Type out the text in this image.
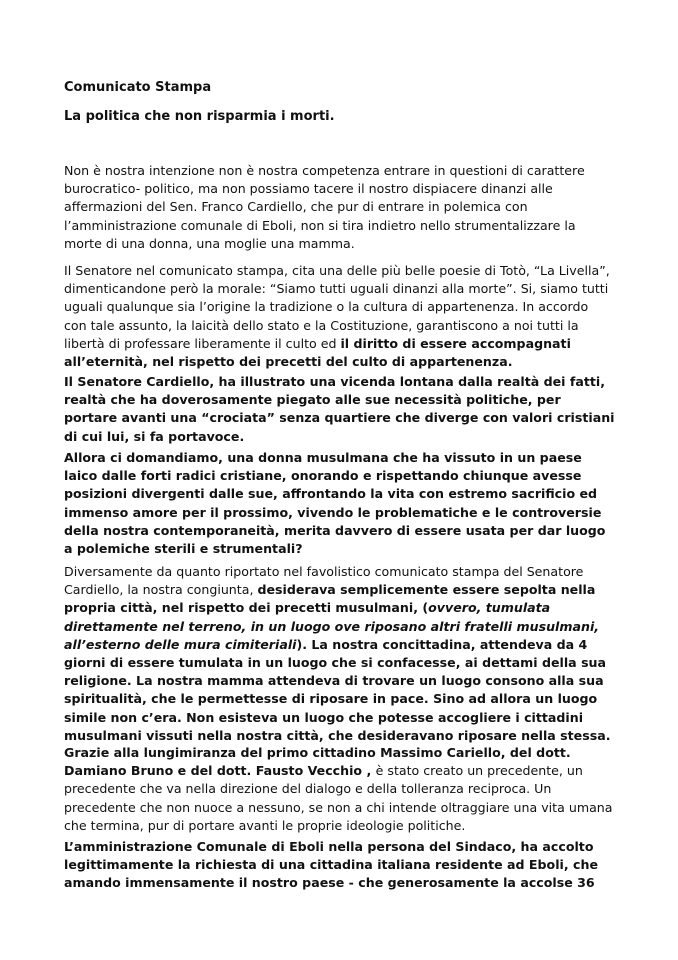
Comunicato Stampa
La politica che non risparmia i morti.
Non è nostra intenzione non è nostra competenza entrare in questioni di carattere
burocratico- politico, ma non possiamo tacere il nostro dispiacere dinanzi alle
affermazioni del Sen. Franco Cardiello, che pur di entrare in polemica con
l’amministrazione comunale di Eboli, non si tira indietro nello strumentalizzare la
morte di una donna, una moglie una mamma.
Il Senatore nel comunicato stampa, cita una delle più belle poesie di Totò, “La Livella”,
dimenticandone però la morale: “Siamo tutti uguali dinanzi alla morte”. Si, siamo tutti
uguali qualunque sia l’origine la tradizione o la cultura di appartenenza. In accordo
con tale assunto, la laicità dello stato e la Costituzione, garantiscono a noi tutti la
libertà di professare liberamente il culto ed il diritto di essere accompagnati
all’eternità, nel rispetto dei precetti del culto di appartenenza.
Il Senatore Cardiello, ha illustrato una vicenda lontana dalla realtà dei fatti,
realtà che ha doverosamente piegato alle sue necessità politiche, per
portare avanti una “crociata” senza quartiere che diverge con valori cristiani
di cui lui, si fa portavoce.
Allora ci domandiamo, una donna musulmana che ha vissuto in un paese
laico dalle forti radici cristiane, onorando e rispettando chiunque avesse
posizioni divergenti dalle sue, affrontando la vita con estremo sacrificio ed
immenso amore per il prossimo, vivendo le problematiche e le controversie
della nostra contemporaneità, merita davvero di essere usata per dar luogo
a polemiche sterili e strumentali?
Diversamente da quanto riportato nel favolistico comunicato stampa del Senatore
Cardiello, la nostra congiunta, desiderava semplicemente essere sepolta nella
propria città, nel rispetto dei precetti musulmani, (ovvero, tumulata
direttamente nel terreno, in un luogo ove riposano altri fratelli musulmani,
all’esterno delle mura cimiteriali). La nostra concittadina, attendeva da 4
giorni di essere tumulata in un luogo che si confacesse, ai dettami della sua
religione. La nostra mamma attendeva di trovare un luogo consono alla sua
spiritualità, che le permettesse di riposare in pace. Sino ad allora un luogo
simile non c’era. Non esisteva un luogo che potesse accogliere i cittadini
musulmani vissuti nella nostra città, che desideravano riposare nella stessa.
Grazie alla lungimiranza del primo cittadino Massimo Cariello, del dott.
Damiano Bruno e del dott. Fausto Vecchio , è stato creato un precedente, un
precedente che va nella direzione del dialogo e della tolleranza reciproca. Un
precedente che non nuoce a nessuno, se non a chi intende oltraggiare una vita umana
che termina, pur di portare avanti le proprie ideologie politiche.
L’amministrazione Comunale di Eboli nella persona del Sindaco, ha accolto
legittimamente la richiesta di una cittadina italiana residente ad Eboli, che
amando immensamente il nostro paese - che generosamente la accolse 36
